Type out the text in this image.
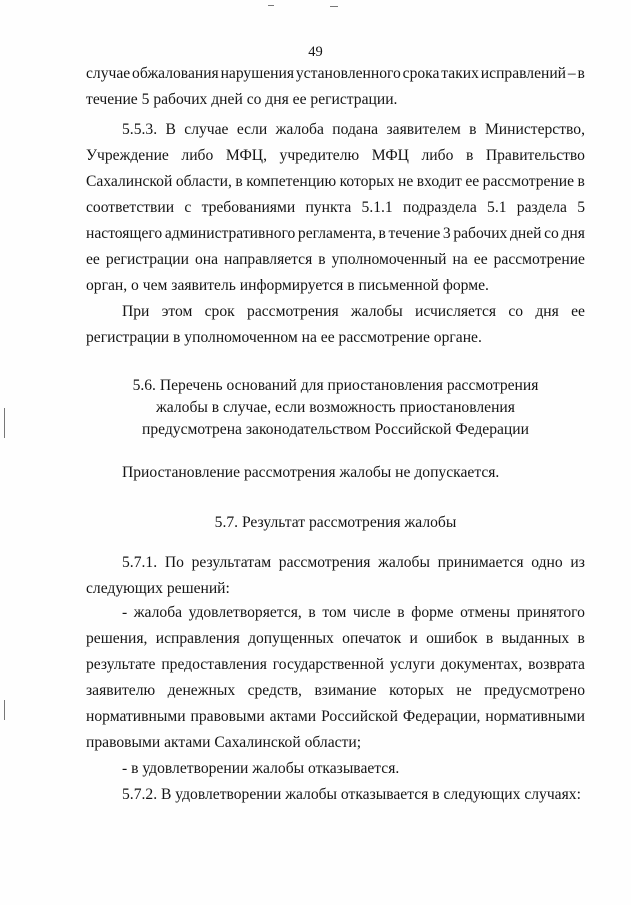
49
случае обжалования нарушения установленного срока таких исправлений – в
течение 5 рабочих дней со дня ее регистрации.
5.5.3. В случае если жалоба подана заявителем в Министерство,
Учреждение либо МФЦ, учредителю МФЦ либо в Правительство
Сахалинской области, в компетенцию которых не входит ее рассмотрение в
соответствии с требованиями пункта 5.1.1 подраздела 5.1 раздела 5
настоящего административного регламента, в течение 3 рабочих дней со дня
ее регистрации она направляется в уполномоченный на ее рассмотрение
орган, о чем заявитель информируется в письменной форме.
При этом срок рассмотрения жалобы исчисляется со дня ее
регистрации в уполномоченном на ее рассмотрение органе.
5.6. Перечень оснований для приостановления рассмотрения
жалобы в случае, если возможность приостановления
предусмотрена законодательством Российской Федерации
Приостановление рассмотрения жалобы не допускается.
5.7. Результат рассмотрения жалобы
5.7.1. По результатам рассмотрения жалобы принимается одно из
следующих решений:
- жалоба удовлетворяется, в том числе в форме отмены принятого
решения, исправления допущенных опечаток и ошибок в выданных в
результате предоставления государственной услуги документах, возврата
заявителю денежных средств, взимание которых не предусмотрено
нормативными правовыми актами Российской Федерации, нормативными
правовыми актами Сахалинской области;
- в удовлетворении жалобы отказывается.
5.7.2. В удовлетворении жалобы отказывается в следующих случаях:
